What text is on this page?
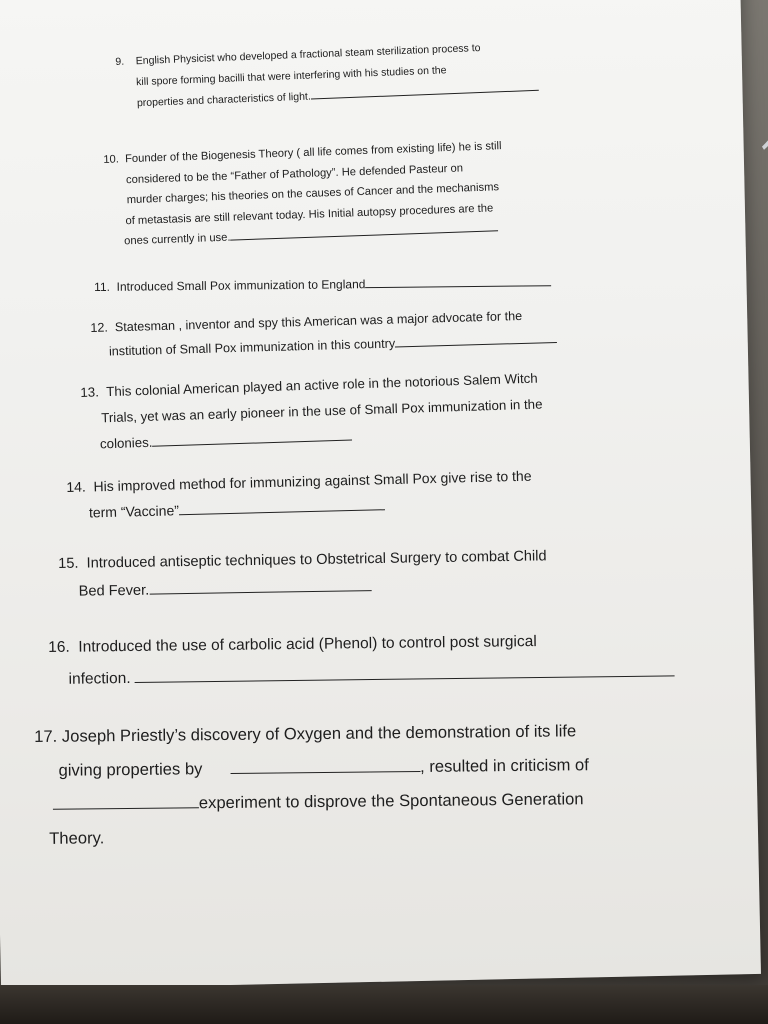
9. English Physicist who developed a fractional steam sterilization process to
kill spore forming bacilli that were interfering with his studies on the
properties and characteristics of light.
10. Founder of the Biogenesis Theory ( all life comes from existing life) he is still
considered to be the “Father of Pathology”. He defended Pasteur on
murder charges; his theories on the causes of Cancer and the mechanisms
of metastasis are still relevant today. His Initial autopsy procedures are the
ones currently in use.
11. Introduced Small Pox immunization to England
12. Statesman , inventor and spy this American was a major advocate for the
institution of Small Pox immunization in this country
13. This colonial American played an active role in the notorious Salem Witch
Trials, yet was an early pioneer in the use of Small Pox immunization in the
colonies.
14. His improved method for immunizing against Small Pox give rise to the
term “Vaccine”
15. Introduced antiseptic techniques to Obstetrical Surgery to combat Child
Bed Fever.
16. Introduced the use of carbolic acid (Phenol) to control post surgical
infection.
17. Joseph Priestly’s discovery of Oxygen and the demonstration of its life
giving properties by	, resulted in criticism of
experiment to disprove the Spontaneous Generation
Theory.
